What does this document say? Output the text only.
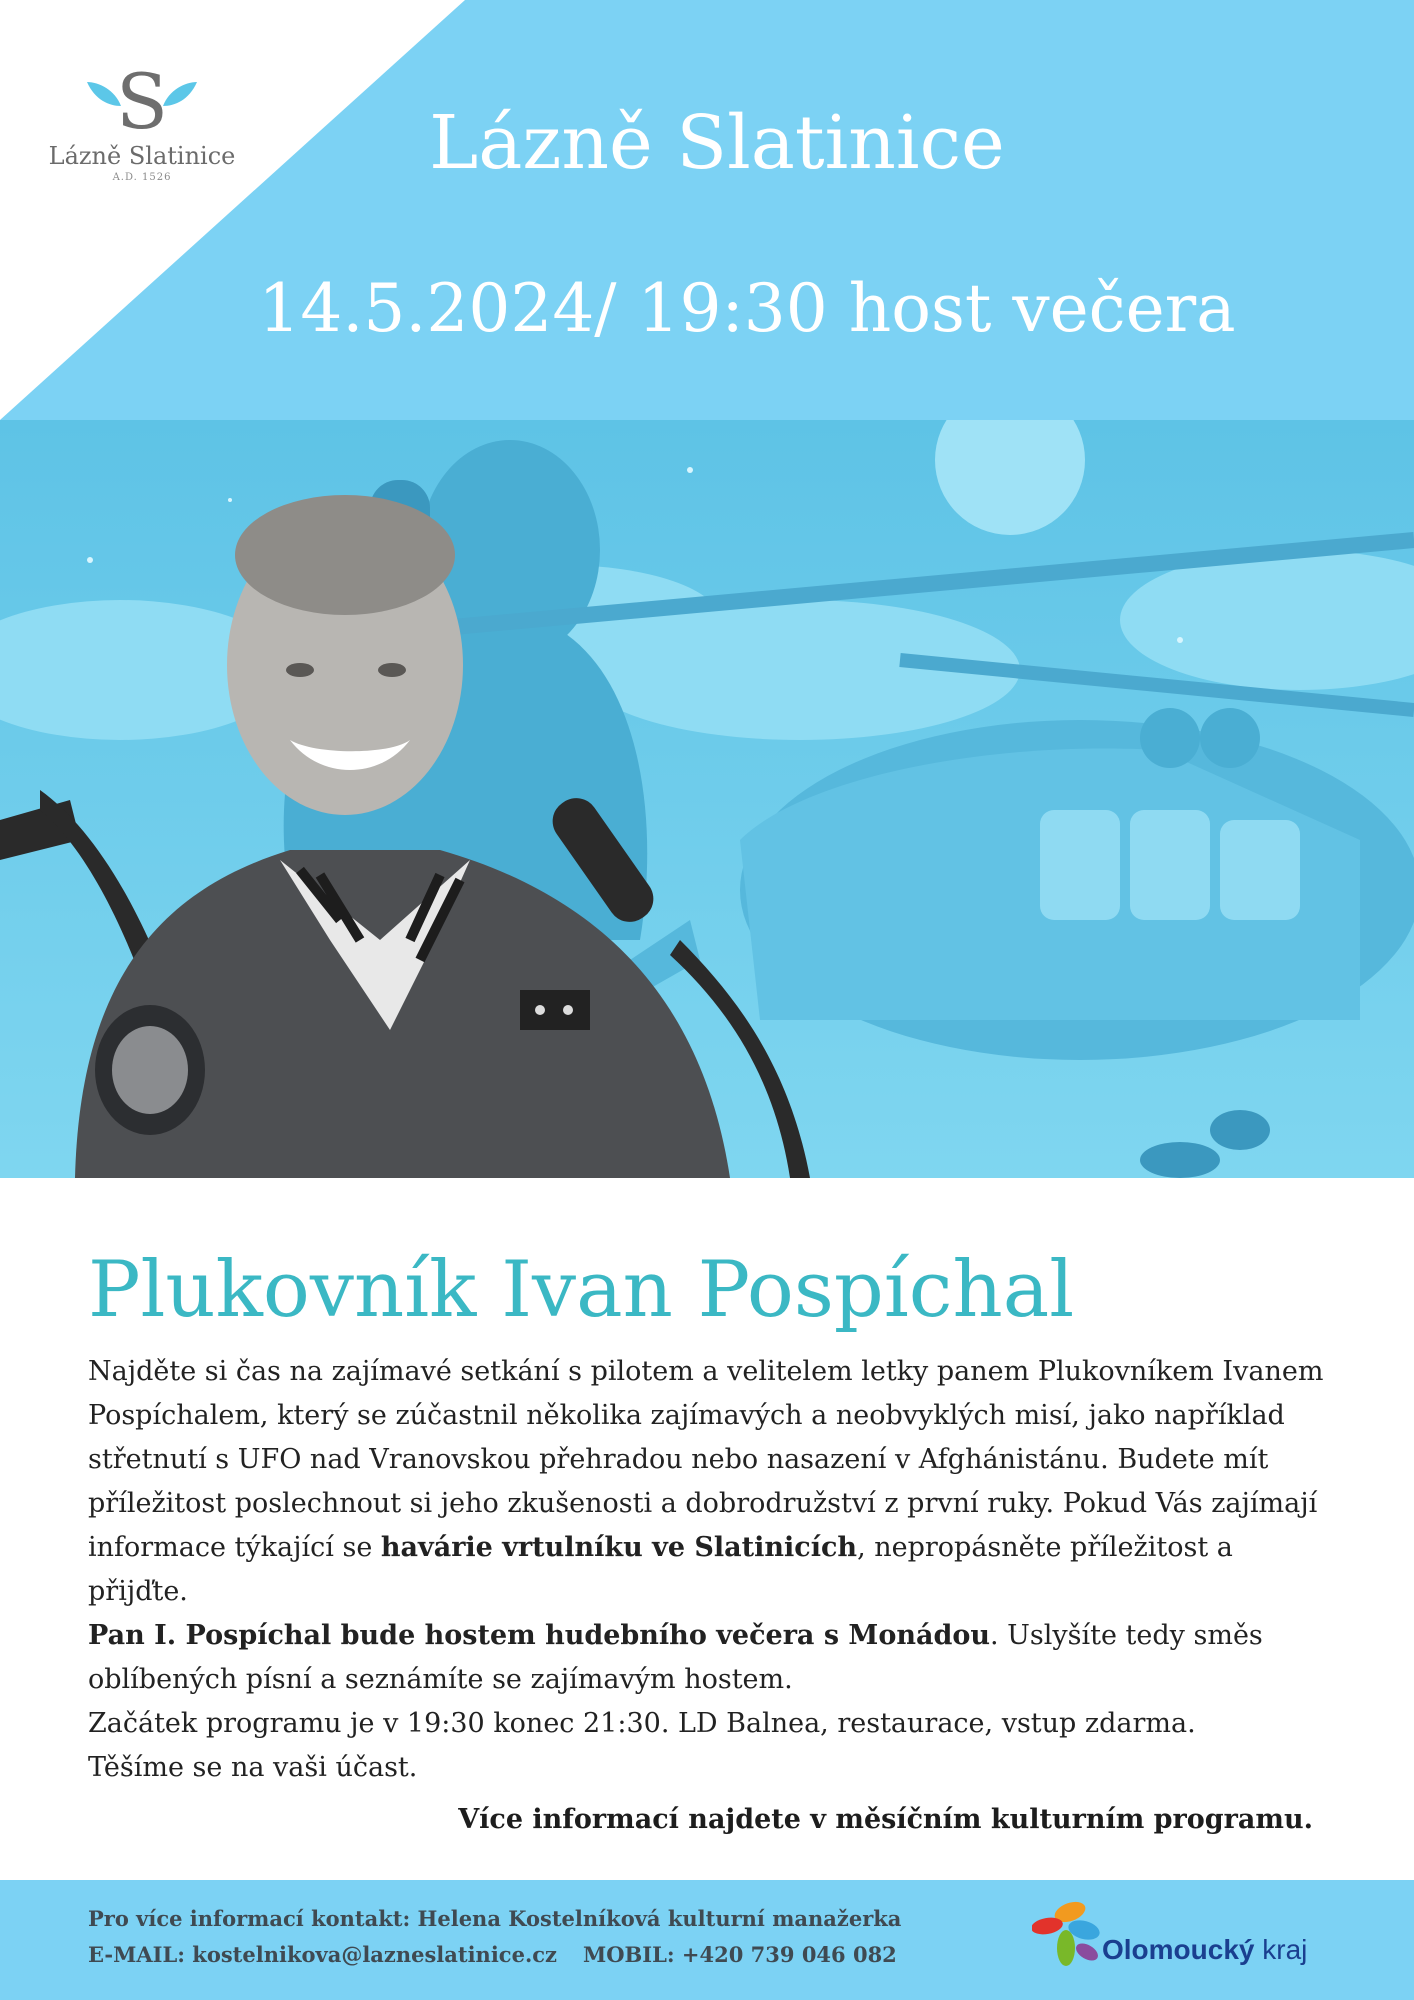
S
Lázně Slatinice
A.D. 1526	Lázně Slatinice
14.5.2024/ 19:30 host večera
Plukovník Ivan Pospíchal

Najděte si čas na zajímavé setkání s pilotem a velitelem letky panem Plukovníkem Ivanem Pospíchalem, který se zúčastnil několika zajímavých a neobvyklých misí, jako například střetnutí s UFO nad Vranovskou přehradou nebo nasazení v Afghánistánu. Budete mít příležitost poslechnout si jeho zkušenosti a dobrodružství z první ruky. Pokud Vás zajímají informace týkající se havárie vrtulníku ve Slatinicích, nepropásněte příležitost a přijďte.

Pan I. Pospíchal bude hostem hudebního večera s Monádou. Uslyšíte tedy směs oblíbených písní a seznámíte se zajímavým hostem.

Začátek programu je v 19:30 konec 21:30. LD Balnea, restaurace, vstup zdarma.

Těšíme se na vaši účast.

Více informací najdete v měsíčním kulturním programu.
Pro více informací kontakt: Helena Kostelníková kulturní manažerka
E-MAIL: kostelnikova@lazneslatinice.cz MOBIL: +420 739 046 082	Olomoucký kraj
